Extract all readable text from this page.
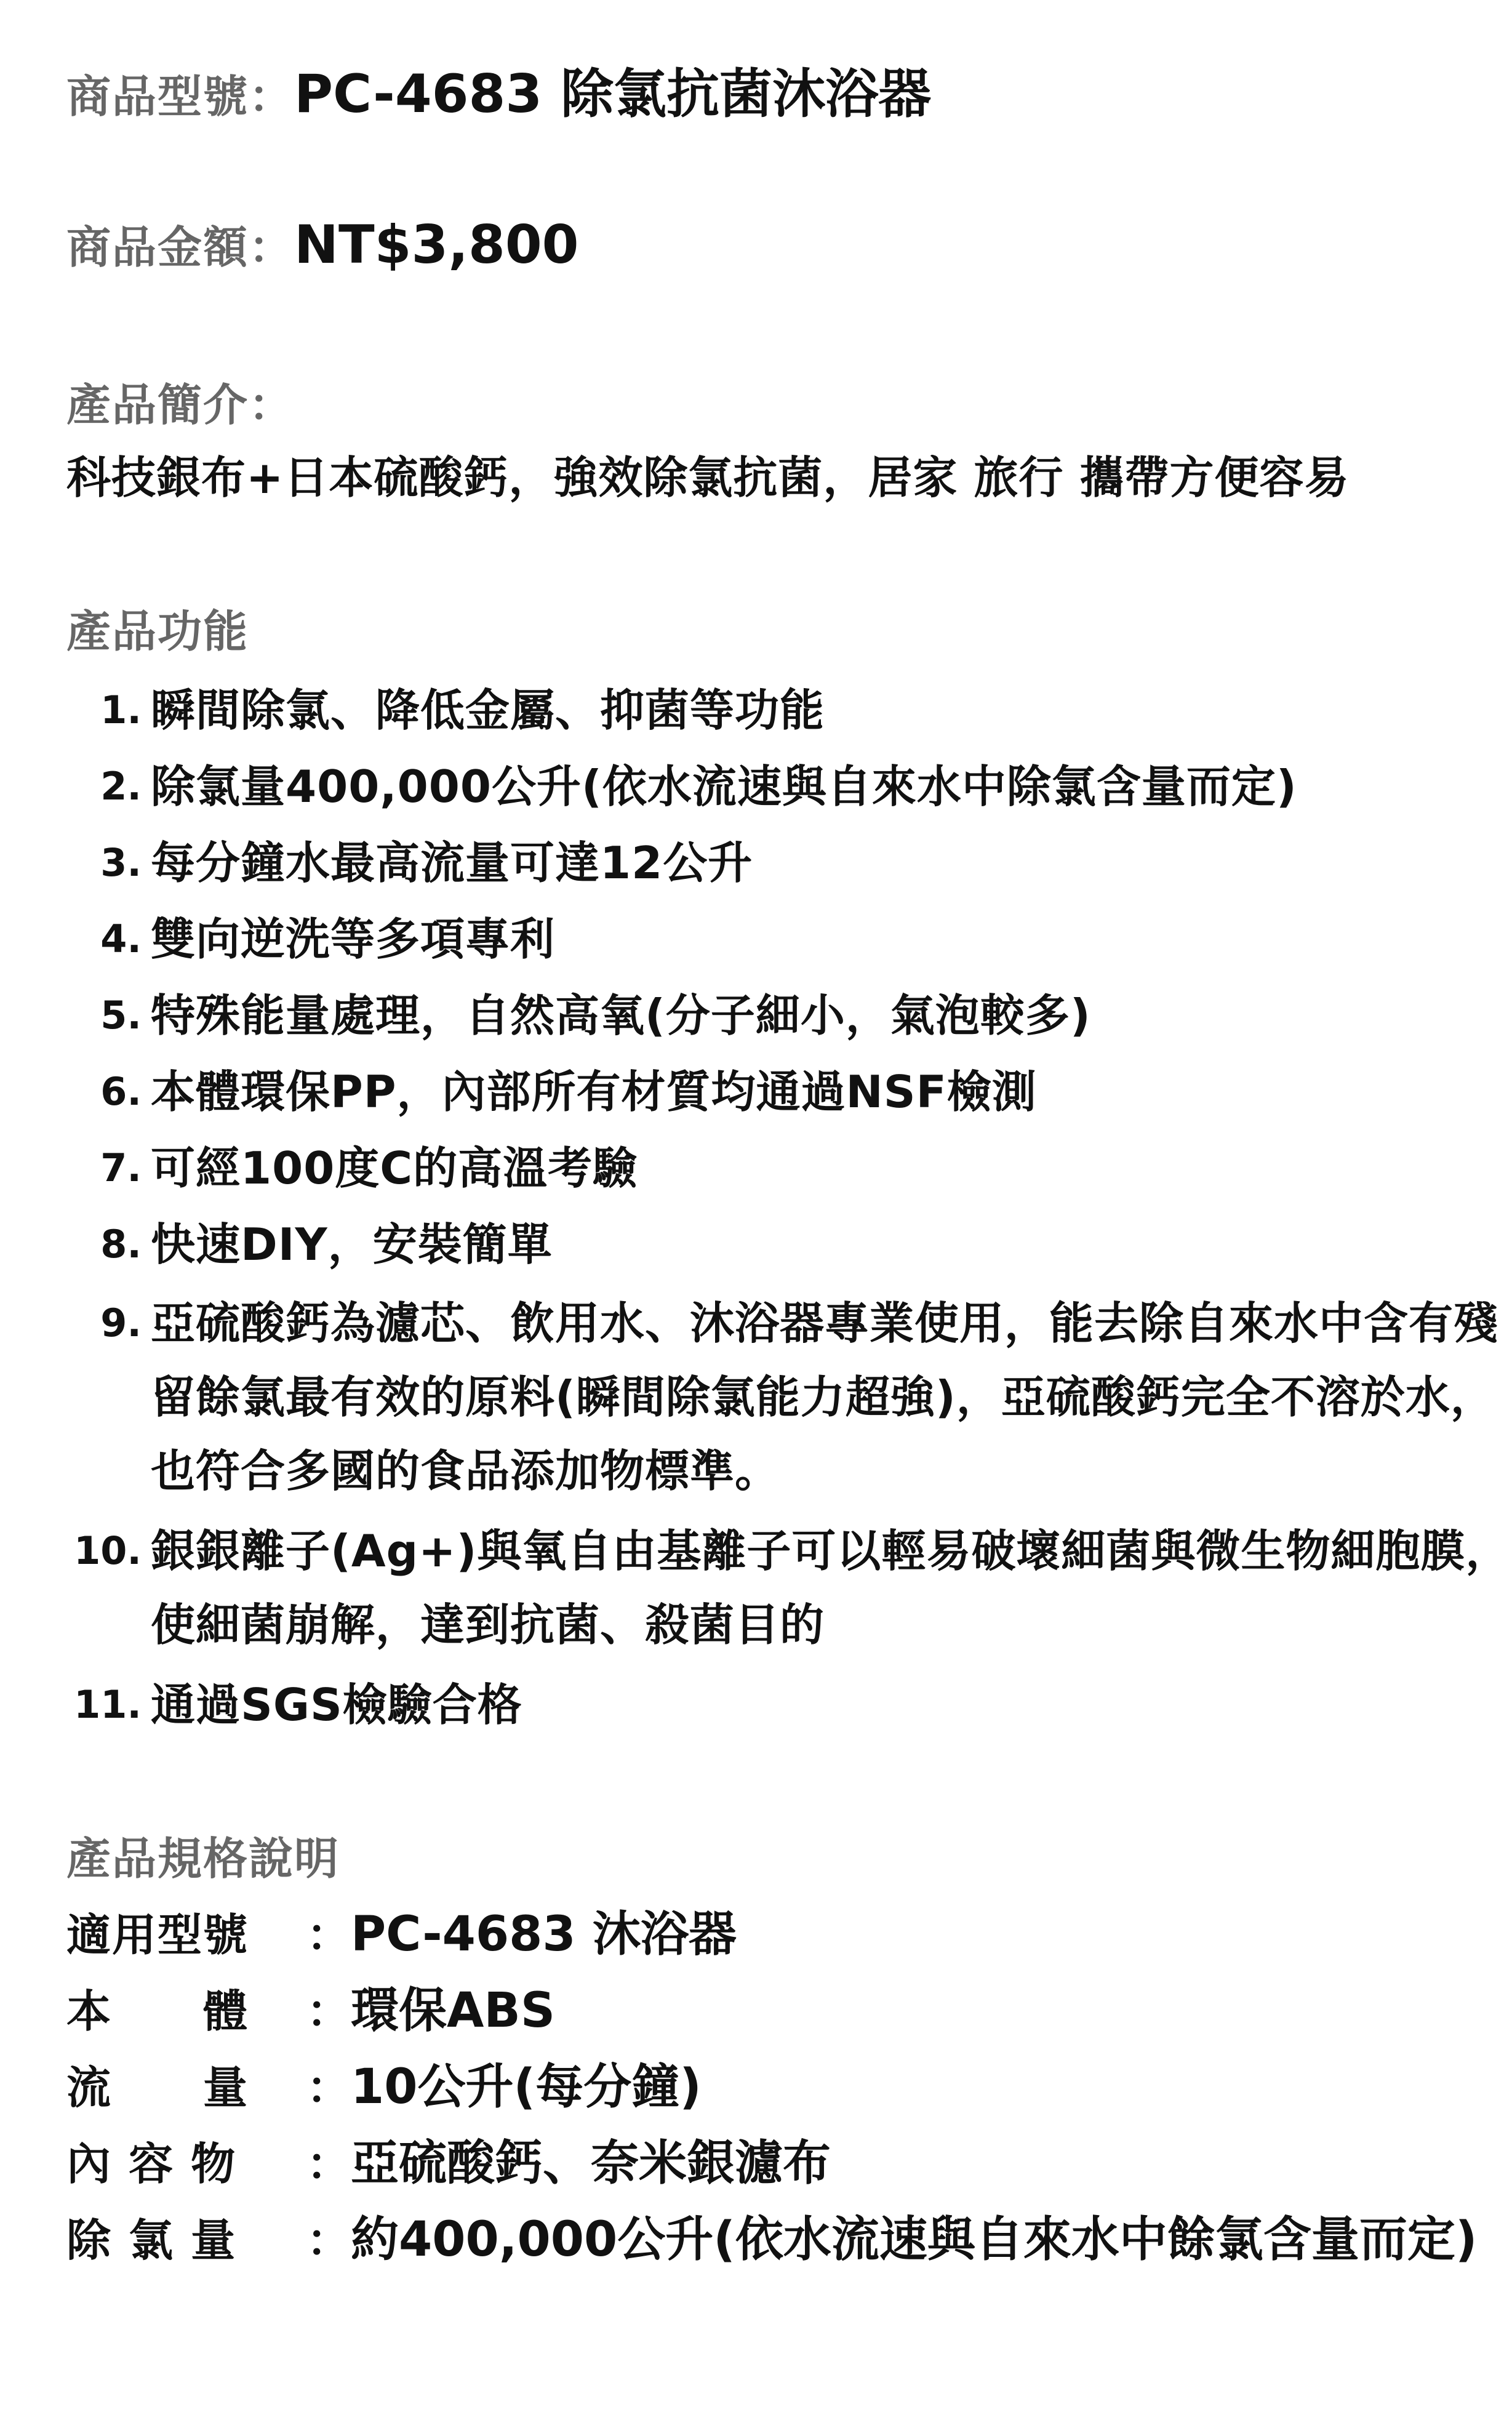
商品型號：PC-4683 除氯抗菌沐浴器
商品金額：NT$3,800
產品簡介：
科技銀布+日本硫酸鈣，強效除氯抗菌，居家 旅行 攜帶方便容易
產品功能
1. 瞬間除氯、降低金屬、抑菌等功能
2. 除氯量400,000公升(依水流速與自來水中除氯含量而定)
3. 每分鐘水最高流量可達12公升
4. 雙向逆洗等多項專利
5. 特殊能量處理，自然高氧(分子細小，氣泡較多)
6. 本體環保PP，內部所有材質均通過NSF檢測
7. 可經100度C的高溫考驗
8. 快速DIY，安裝簡單
9. 亞硫酸鈣為濾芯、飲用水、沐浴器專業使用，能去除自來水中含有殘留餘氯最有效的原料(瞬間除氯能力超強)，亞硫酸鈣完全不溶於水，也符合多國的食品添加物標準。
10. 銀銀離子(Ag+)與氧自由基離子可以輕易破壞細菌與微生物細胞膜，使細菌崩解，達到抗菌、殺菌目的
11. 通過SGS檢驗合格
產品規格說明
適用型號 ：PC-4683 沐浴器
本　　體 ：環保ABS
流　　量 ：10公升(每分鐘)
內 容 物 ：亞硫酸鈣、奈米銀濾布
除 氯 量 ：約400,000公升(依水流速與自來水中餘氯含量而定)
